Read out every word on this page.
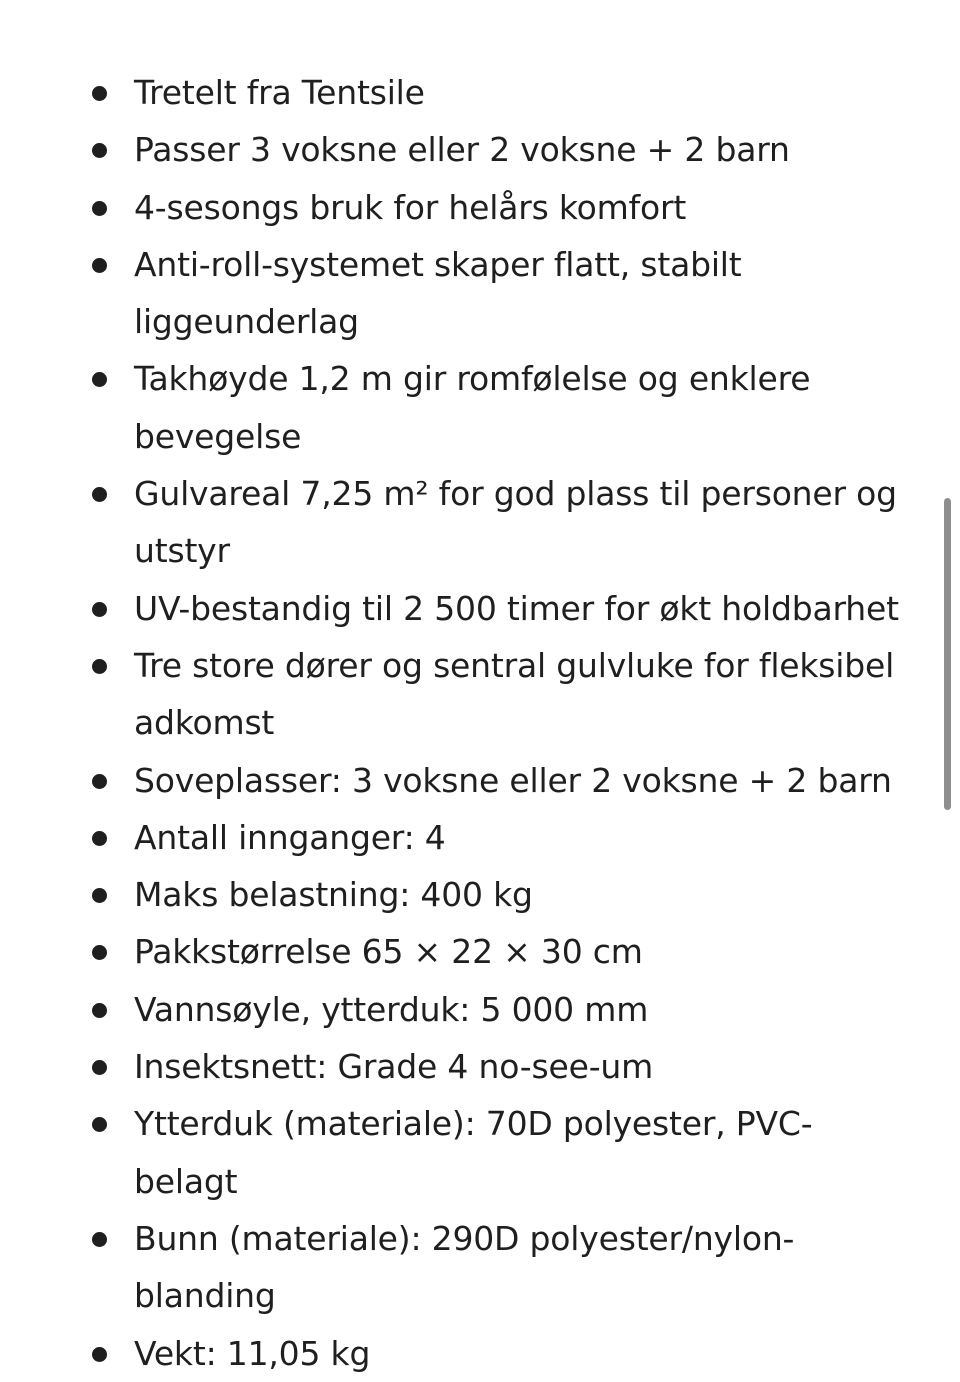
Tretelt fra Tentsile
Passer 3 voksne eller 2 voksne + 2 barn
4-sesongs bruk for helårs komfort
Anti-roll-systemet skaper flatt, stabilt liggeunderlag
Takhøyde 1,2 m gir romfølelse og enklere bevegelse
Gulvareal 7,25 m² for god plass til personer og utstyr
UV-bestandig til 2 500 timer for økt holdbarhet
Tre store dører og sentral gulvluke for fleksibel adkomst
Soveplasser: 3 voksne eller 2 voksne + 2 barn
Antall innganger: 4
Maks belastning: 400 kg
Pakkstørrelse 65 × 22 × 30 cm
Vannsøyle, ytterduk: 5 000 mm
Insektsnett: Grade 4 no-see-um
Ytterduk (materiale): 70D polyester, PVC-belagt
Bunn (materiale): 290D polyester/nylon-blanding
Vekt: 11,05 kg
